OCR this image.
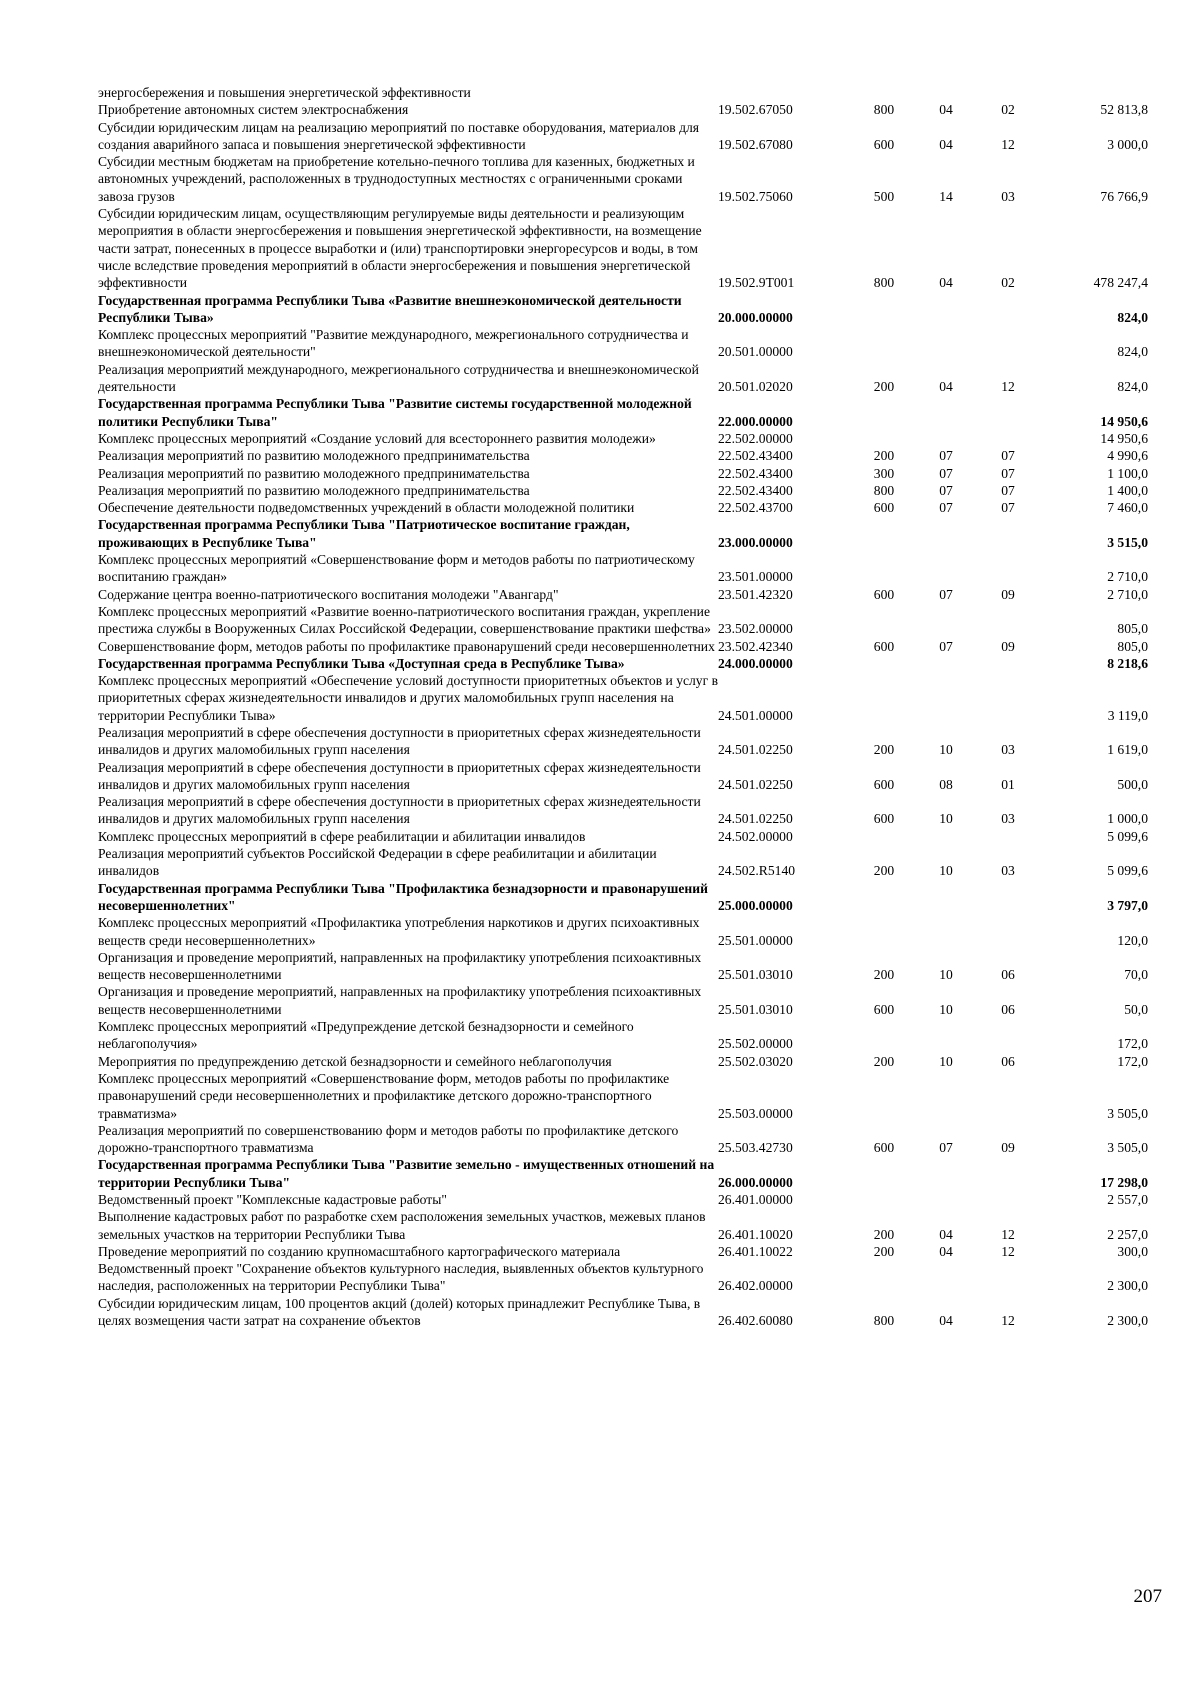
энергосбережения и повышения энергетической эффективности					
Приобретение автономных систем электроснабжения	19.502.67050	800	04	02	52 813,8
Субсидии юридическим лицам на реализацию мероприятий по поставке оборудования, материалов для создания аварийного запаса и повышения энергетической эффективности	19.502.67080	600	04	12	3 000,0
Субсидии местным бюджетам на приобретение котельно-печного топлива для казенных, бюджетных и автономных учреждений, расположенных в труднодоступных местностях с ограниченными сроками завоза грузов	19.502.75060	500	14	03	76 766,9
Субсидии юридическим лицам, осуществляющим регулируемые виды деятельности и реализующим мероприятия в области энергосбережения и повышения энергетической эффективности, на возмещение части затрат, понесенных в процессе выработки и (или) транспортировки энергоресурсов и воды, в том числе вследствие проведения мероприятий в области энергосбережения и повышения энергетической эффективности	19.502.9Т001	800	04	02	478 247,4
Государственная программа Республики Тыва «Развитие внешнеэкономической деятельности Республики Тыва»	20.000.00000				824,0
Комплекс процессных мероприятий "Развитие международного, межрегионального сотрудничества и внешнеэкономической деятельности"	20.501.00000				824,0
Реализация мероприятий международного, межрегионального сотрудничества и внешнеэкономической деятельности	20.501.02020	200	04	12	824,0
Государственная программа Республики Тыва "Развитие системы государственной молодежной политики Республики Тыва"	22.000.00000				14 950,6
Комплекс процессных мероприятий «Создание условий для всестороннего развития молодежи»	22.502.00000				14 950,6
Реализация мероприятий по развитию молодежного предпринимательства	22.502.43400	200	07	07	4 990,6
Реализация мероприятий по развитию молодежного предпринимательства	22.502.43400	300	07	07	1 100,0
Реализация мероприятий по развитию молодежного предпринимательства	22.502.43400	800	07	07	1 400,0
Обеспечение деятельности подведомственных учреждений в области молодежной политики	22.502.43700	600	07	07	7 460,0
Государственная программа Республики Тыва "Патриотическое воспитание граждан, проживающих в Республике Тыва"	23.000.00000				3 515,0
Комплекс процессных мероприятий «Совершенствование форм и методов работы по патриотическому воспитанию граждан»	23.501.00000				2 710,0
Содержание центра военно-патриотического воспитания молодежи "Авангард"	23.501.42320	600	07	09	2 710,0
Комплекс процессных мероприятий «Развитие военно-патриотического воспитания граждан, укрепление престижа службы в Вооруженных Силах Российской Федерации, совершенствование практики шефства»	23.502.00000				805,0
Совершенствование форм, методов работы по профилактике правонарушений среди несовершеннолетних	23.502.42340	600	07	09	805,0
Государственная программа Республики Тыва «Доступная среда в Республике Тыва»	24.000.00000				8 218,6
Комплекс процессных мероприятий «Обеспечение условий доступности приоритетных объектов и услуг в приоритетных сферах жизнедеятельности инвалидов и других маломобильных групп населения на территории Республики Тыва»	24.501.00000				3 119,0
Реализация мероприятий в сфере обеспечения доступности в приоритетных сферах жизнедеятельности инвалидов и других маломобильных групп населения	24.501.02250	200	10	03	1 619,0
Реализация мероприятий в сфере обеспечения доступности в приоритетных сферах жизнедеятельности инвалидов и других маломобильных групп населения	24.501.02250	600	08	01	500,0
Реализация мероприятий в сфере обеспечения доступности в приоритетных сферах жизнедеятельности инвалидов и других маломобильных групп населения	24.501.02250	600	10	03	1 000,0
Комплекс процессных мероприятий в сфере реабилитации и абилитации инвалидов	24.502.00000				5 099,6
Реализация мероприятий субъектов Российской Федерации в сфере реабилитации и абилитации инвалидов	24.502.R5140	200	10	03	5 099,6
Государственная программа Республики Тыва "Профилактика безнадзорности и правонарушений несовершеннолетних"	25.000.00000				3 797,0
Комплекс процессных мероприятий «Профилактика употребления наркотиков и других психоактивных веществ среди несовершеннолетних»	25.501.00000				120,0
Организация и проведение мероприятий, направленных на профилактику употребления психоактивных веществ несовершеннолетними	25.501.03010	200	10	06	70,0
Организация и проведение мероприятий, направленных на профилактику употребления психоактивных веществ несовершеннолетними	25.501.03010	600	10	06	50,0
Комплекс процессных мероприятий «Предупреждение детской безнадзорности и семейного неблагополучия»	25.502.00000				172,0
Мероприятия по предупреждению детской безнадзорности и семейного неблагополучия	25.502.03020	200	10	06	172,0
Комплекс процессных мероприятий «Совершенствование форм, методов работы по профилактике правонарушений среди несовершеннолетних и профилактике детского дорожно-транспортного травматизма»	25.503.00000				3 505,0
Реализация мероприятий по совершенствованию форм и методов работы по профилактике детского дорожно-транспортного травматизма	25.503.42730	600	07	09	3 505,0
Государственная программа Республики Тыва "Развитие земельно - имущественных отношений на территории Республики Тыва"	26.000.00000				17 298,0
Ведомственный проект "Комплексные кадастровые работы"	26.401.00000				2 557,0
Выполнение кадастровых работ по разработке схем расположения земельных участков, межевых планов земельных участков на территории Республики Тыва	26.401.10020	200	04	12	2 257,0
Проведение мероприятий по созданию крупномасштабного картографического материала	26.401.10022	200	04	12	300,0
Ведомственный проект "Сохранение объектов культурного наследия, выявленных объектов культурного наследия, расположенных на территории Республики Тыва"	26.402.00000				2 300,0
Субсидии юридическим лицам, 100 процентов акций (долей) которых принадлежит Республике Тыва, в целях возмещения части затрат на сохранение объектов	26.402.60080	800	04	12	2 300,0
207
